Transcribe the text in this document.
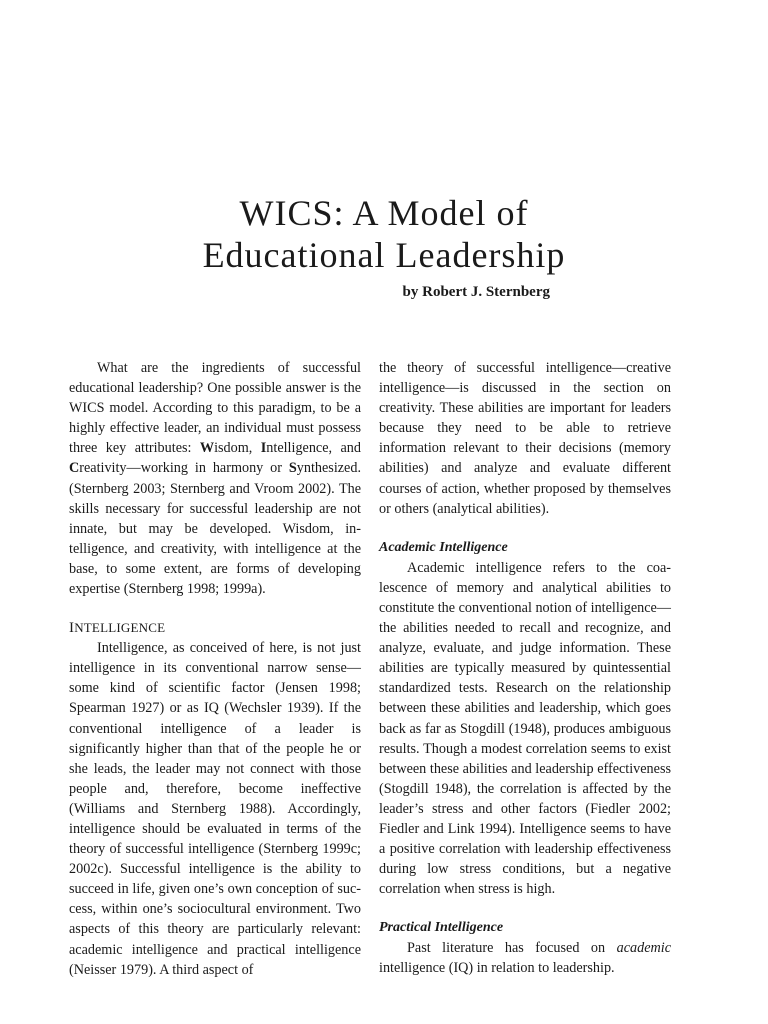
WICS: A Model of
Educational Leadership

by Robert J. Sternberg

What are the ingredients of successful educational leadership? One possible answer is the WICS model. According to this paradigm, to be a highly effective leader, an individual must possess three key attributes: Wisdom, Intelligence, and Creativity—working in harmony or Synthesized. (Sternberg 2003; Sternberg and Vroom 2002). The skills necessary for successful leadership are not innate, but may be developed. Wisdom, intelligence, and creativity, with intelligence at the base, to some extent, are forms of developing expertise (Sternberg 1998; 1999a).

INTELLIGENCE

Intelligence, as conceived of here, is not just intelligence in its conventional narrow sense—some kind of scientific factor (Jensen 1998; Spearman 1927) or as IQ (Wechsler 1939). If the conventional intelligence of a leader is significantly higher than that of the people he or she leads, the leader may not connect with those people and, therefore, become ineffective (Williams and Sternberg 1988). Accordingly, intelligence should be evaluated in terms of the theory of successful intelligence (Sternberg 1999c; 2002c). Successful intelligence is the ability to succeed in life, given one’s own conception of success, within one’s sociocultural environment. Two aspects of this theory are particularly relevant: academic intelligence and practical intelligence (Neisser 1979). A third aspect of

the theory of successful intelligence—creative intelligence—is discussed in the section on creativity. These abilities are important for leaders because they need to be able to retrieve information relevant to their decisions (memory abilities) and analyze and evaluate different courses of action, whether proposed by themselves or others (analytical abilities).

Academic Intelligence

Academic intelligence refers to the coalescence of memory and analytical abilities to constitute the conventional notion of intelligence—the abilities needed to recall and recognize, and analyze, evaluate, and judge information. These abilities are typically measured by quintessential standardized tests. Research on the relationship between these abilities and leadership, which goes back as far as Stogdill (1948), produces ambiguous results. Though a modest correlation seems to exist between these abilities and leadership effectiveness (Stogdill 1948), the correlation is affected by the leader’s stress and other factors (Fiedler 2002; Fiedler and Link 1994). Intelligence seems to have a positive correlation with leadership effectiveness during low stress conditions, but a negative correlation when stress is high.

Practical Intelligence

Past literature has focused on academic intelligence (IQ) in relation to leadership.
